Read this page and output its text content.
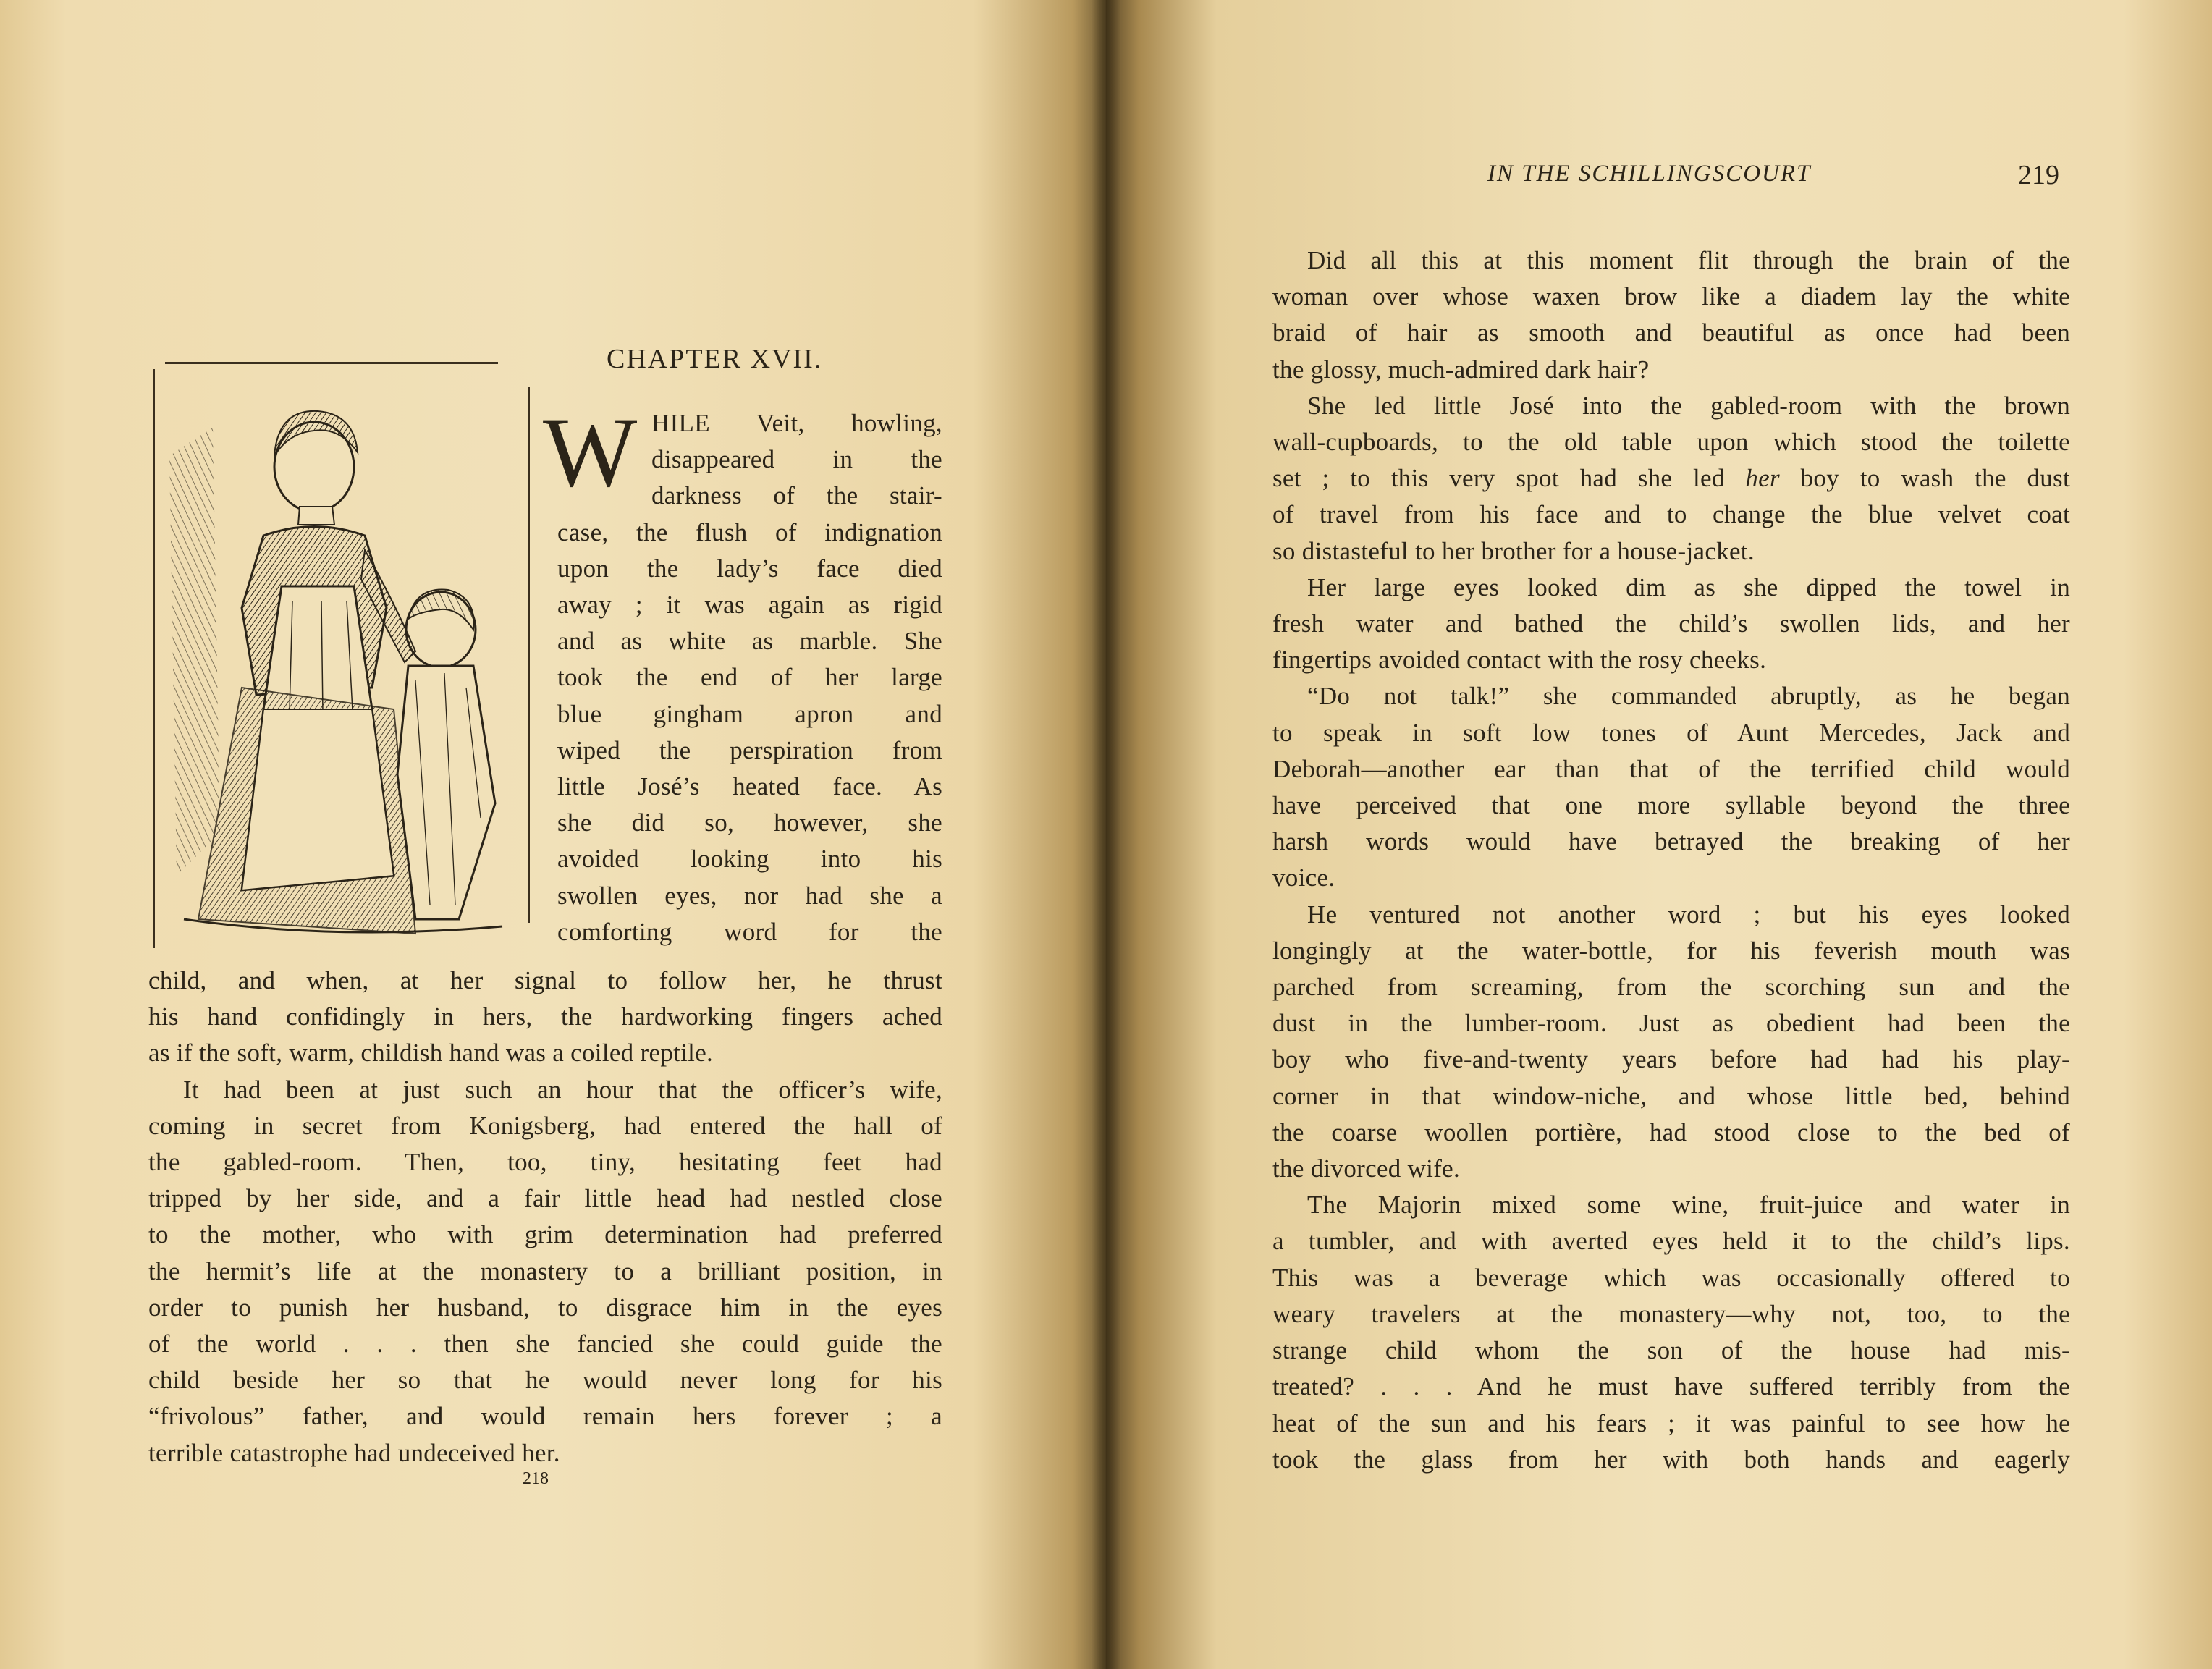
CHAPTER XVII.
W HILE Veit, howling,

disappeared in the

darkness of the stair-

case, the flush of indignation

upon the lady’s face died

away ; it was again as rigid

and as white as marble. She

took the end of her large

blue gingham apron and

wiped the perspiration from

little José’s heated face. As

she did so, however, she

avoided looking into his

swollen eyes, nor had she a

comforting word for the

child, and when, at her signal to follow her, he thrust

his hand confidingly in hers, the hardworking fingers ached

as if the soft, warm, childish hand was a coiled reptile.

It had been at just such an hour that the officer’s wife,

coming in secret from Konigsberg, had entered the hall of

the gabled-room. Then, too, tiny, hesitating feet had

tripped by her side, and a fair little head had nestled close

to the mother, who with grim determination had preferred

the hermit’s life at the monastery to a brilliant position, in

order to punish her husband, to disgrace him in the eyes

of the world . . . then she fancied she could guide the

child beside her so that he would never long for his

“frivolous” father, and would remain hers forever ; a

terrible catastrophe had undeceived her.

218
IN THE SCHILLINGSCOURT	219

Did all this at this moment flit through the brain of the

woman over whose waxen brow like a diadem lay the white

braid of hair as smooth and beautiful as once had been

the glossy, much-admired dark hair?

She led little José into the gabled-room with the brown

wall-cupboards, to the old table upon which stood the toilette

set ; to this very spot had she led her boy to wash the dust

of travel from his face and to change the blue velvet coat

so distasteful to her brother for a house-jacket.

Her large eyes looked dim as she dipped the towel in

fresh water and bathed the child’s swollen lids, and her

fingertips avoided contact with the rosy cheeks.

“Do not talk!” she commanded abruptly, as he began

to speak in soft low tones of Aunt Mercedes, Jack and

Deborah—another ear than that of the terrified child would

have perceived that one more syllable beyond the three

harsh words would have betrayed the breaking of her

voice.

He ventured not another word ; but his eyes looked

longingly at the water-bottle, for his feverish mouth was

parched from screaming, from the scorching sun and the

dust in the lumber-room. Just as obedient had been the

boy who five-and-twenty years before had had his play-

corner in that window-niche, and whose little bed, behind

the coarse woollen portière, had stood close to the bed of

the divorced wife.

The Majorin mixed some wine, fruit-juice and water in

a tumbler, and with averted eyes held it to the child’s lips.

This was a beverage which was occasionally offered to

weary travelers at the monastery—why not, too, to the

strange child whom the son of the house had mis-

treated? . . . And he must have suffered terribly from the

heat of the sun and his fears ; it was painful to see how he

took the glass from her with both hands and eagerly
